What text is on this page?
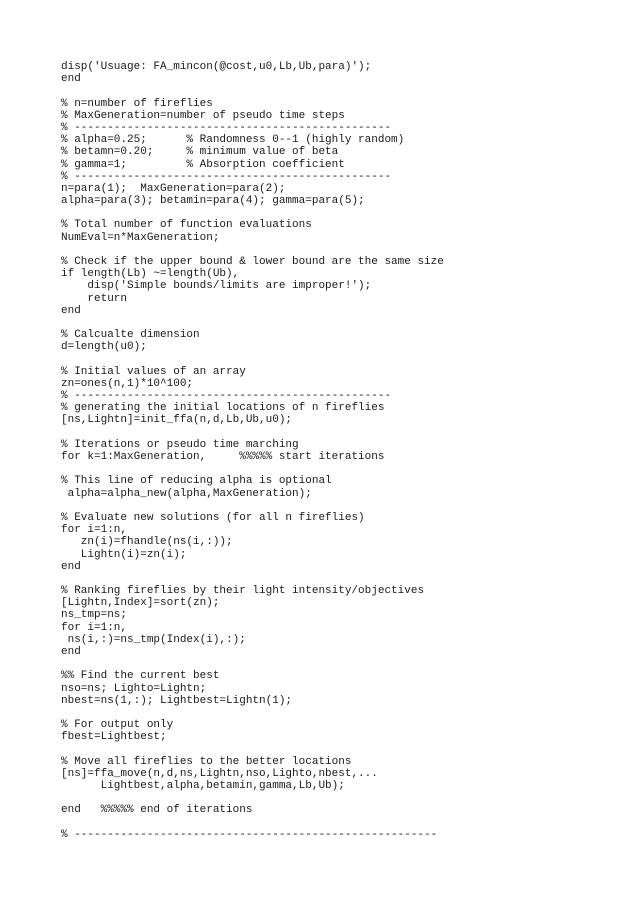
disp('Usuage: FA_mincon(@cost,u0,Lb,Ub,para)');
end
% n=number of fireflies
% MaxGeneration=number of pseudo time steps
% ------------------------------------------------
% alpha=0.25;      % Randomness 0--1 (highly random)
% betamn=0.20;     % minimum value of beta
% gamma=1;         % Absorption coefficient
% ------------------------------------------------
n=para(1);  MaxGeneration=para(2);
alpha=para(3); betamin=para(4); gamma=para(5);
% Total number of function evaluations
NumEval=n*MaxGeneration;
% Check if the upper bound & lower bound are the same size
if length(Lb) ~=length(Ub),
disp('Simple bounds/limits are improper!');
return
end
% Calcualte dimension
d=length(u0);
% Initial values of an array
zn=ones(n,1)*10^100;
% ------------------------------------------------
% generating the initial locations of n fireflies
[ns,Lightn]=init_ffa(n,d,Lb,Ub,u0);
% Iterations or pseudo time marching
for k=1:MaxGeneration,     %%%%% start iterations
% This line of reducing alpha is optional
alpha=alpha_new(alpha,MaxGeneration);
% Evaluate new solutions (for all n fireflies)
for i=1:n,
zn(i)=fhandle(ns(i,:));
Lightn(i)=zn(i);
end
% Ranking fireflies by their light intensity/objectives
[Lightn,Index]=sort(zn);
ns_tmp=ns;
for i=1:n,
ns(i,:)=ns_tmp(Index(i),:);
end
%% Find the current best
nso=ns; Lighto=Lightn;
nbest=ns(1,:); Lightbest=Lightn(1);
% For output only
fbest=Lightbest;
% Move all fireflies to the better locations
[ns]=ffa_move(n,d,ns,Lightn,nso,Lighto,nbest,...
Lightbest,alpha,betamin,gamma,Lb,Ub);
end   %%%%% end of iterations
% -------------------------------------------------------
